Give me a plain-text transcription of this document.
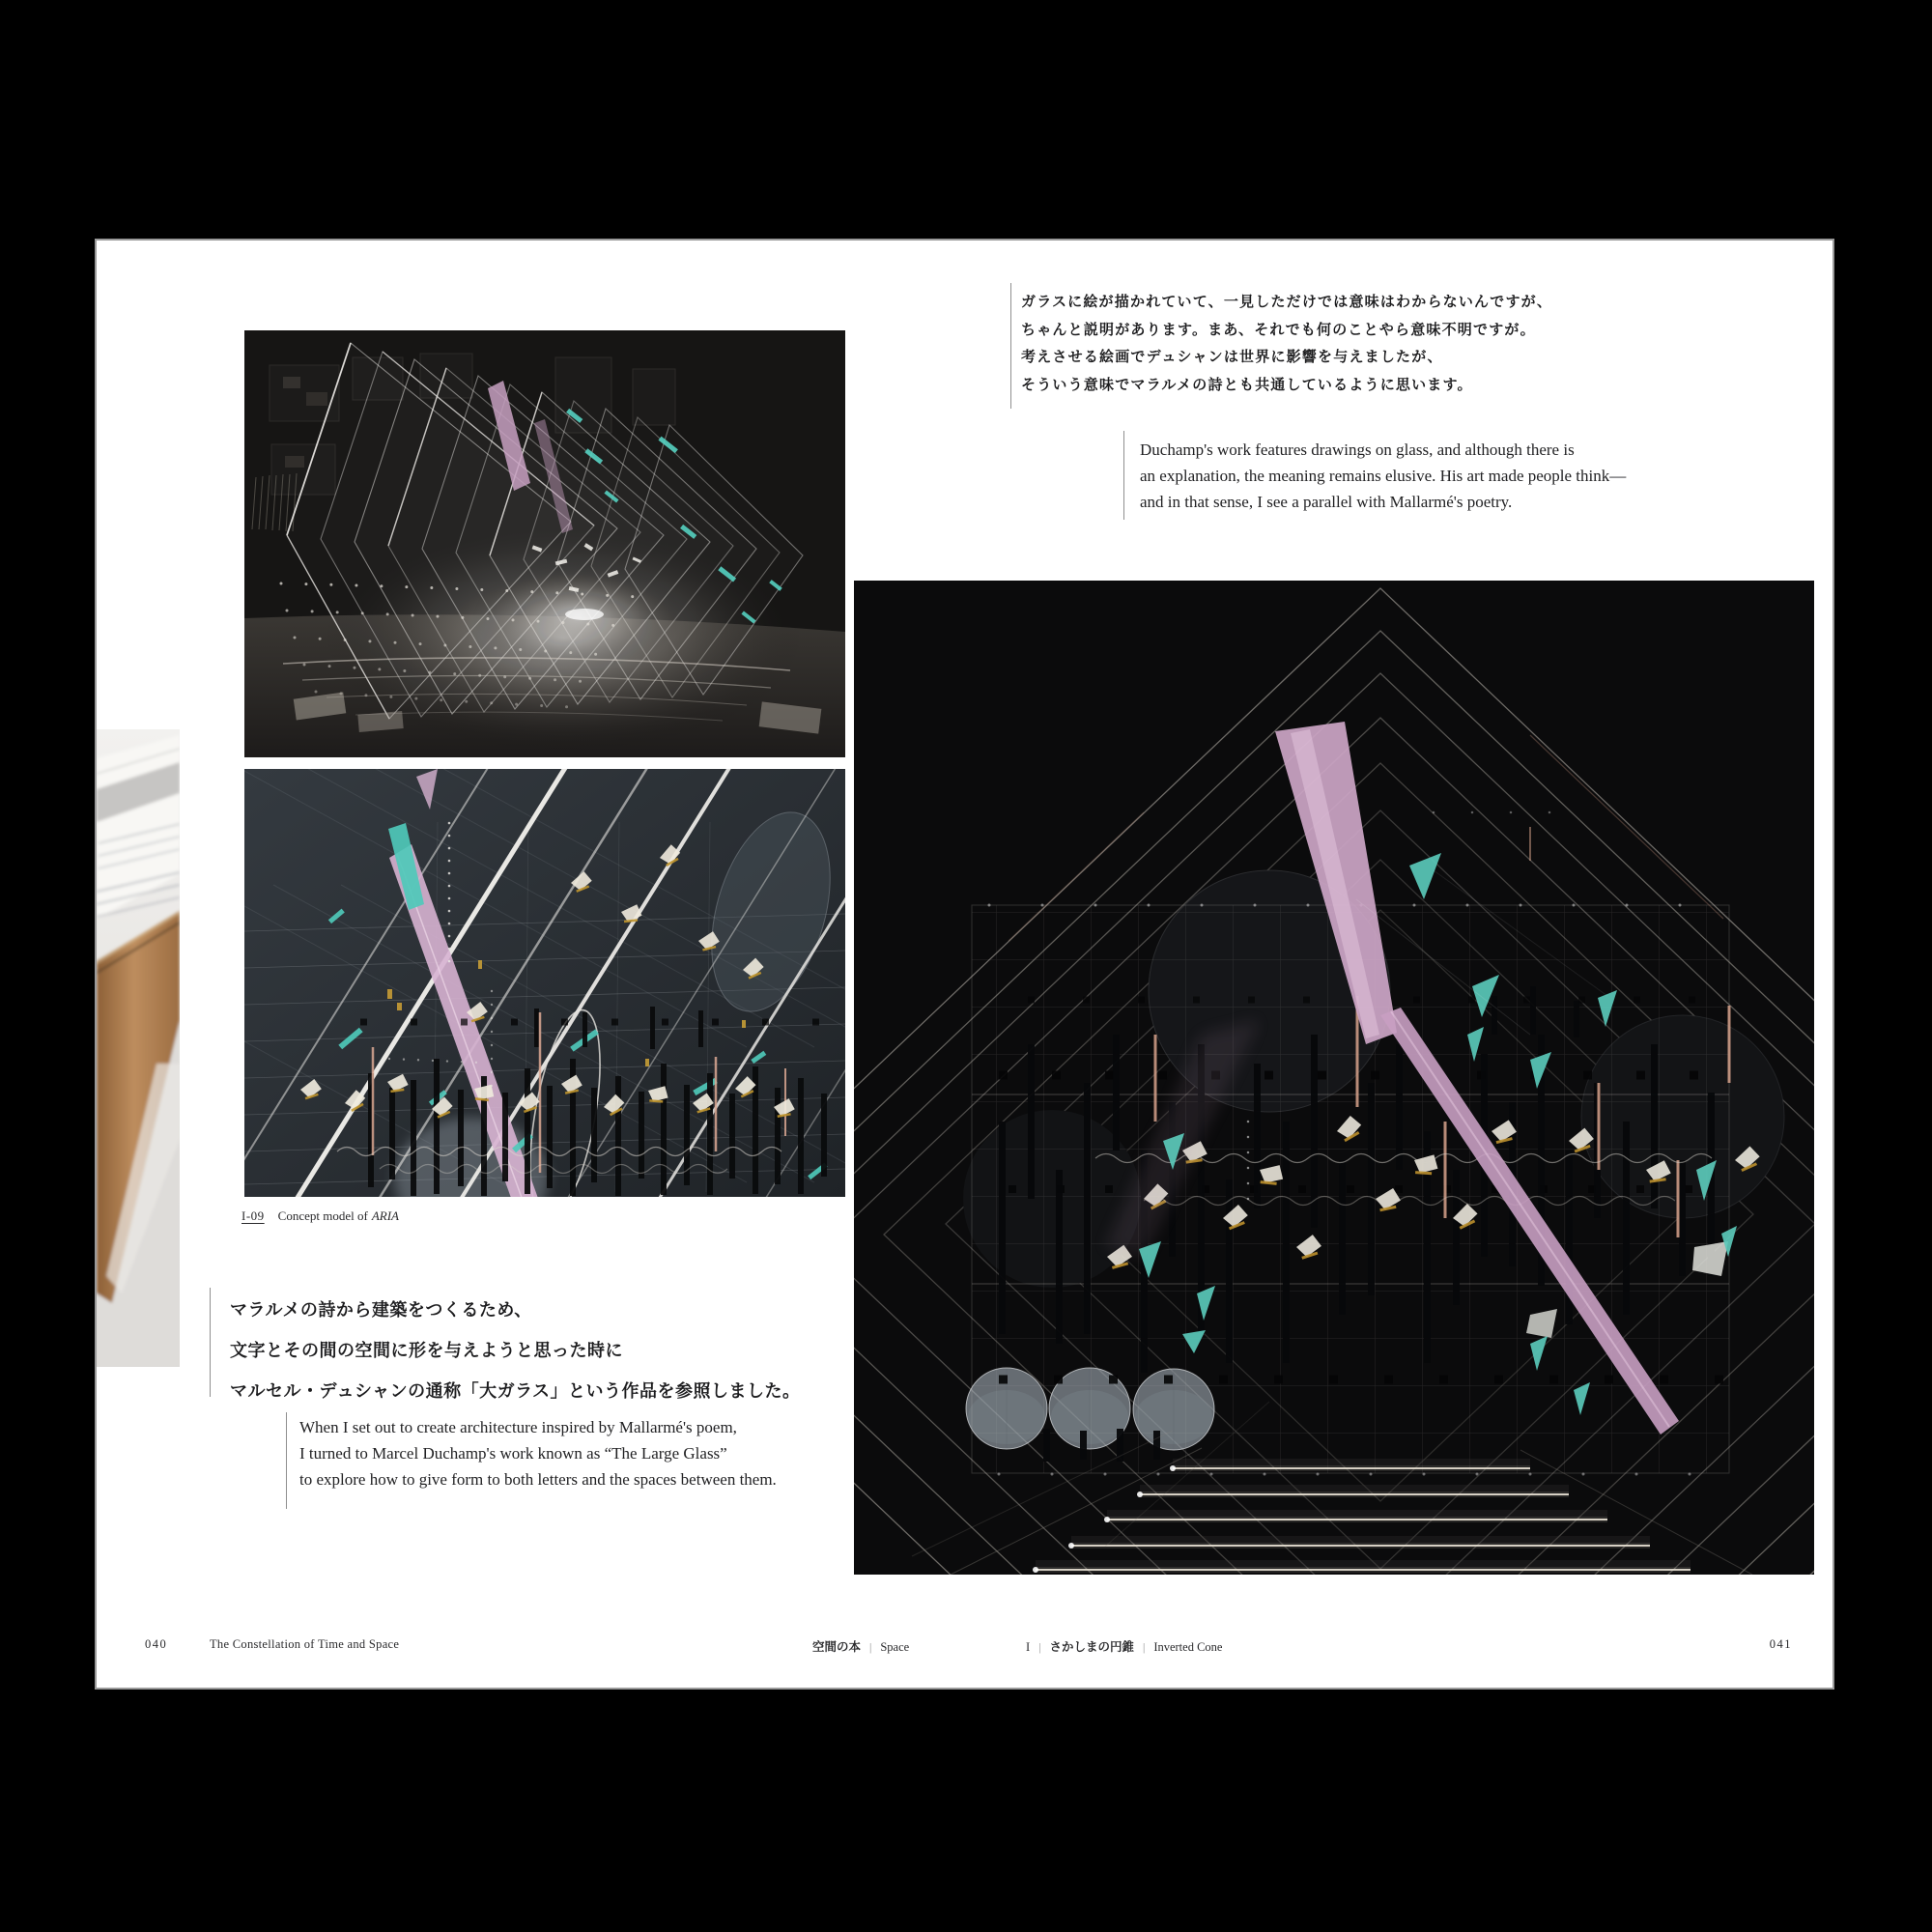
I-09 Concept model of ARIA
マラルメの詩から建築をつくるため、
文字とその間の空間に形を与えようと思った時に
マルセル・デュシャンの通称「大ガラス」という作品を参照しました。
When I set out to create architecture inspired by Mallarmé's poem,
I turned to Marcel Duchamp's work known as “The Large Glass”
to explore how to give form to both letters and the spaces between them.
ガラスに絵が描かれていて、一見しただけでは意味はわからないんですが、
ちゃんと説明があります。まあ、それでも何のことやら意味不明ですが。
考えさせる絵画でデュシャンは世界に影響を与えましたが、
そういう意味でマラルメの詩とも共通しているように思います。
Duchamp's work features drawings on glass, and although there is
an explanation, the meaning remains elusive. His art made people think—
and in that sense, I see a parallel with Mallarmé's poetry.
040	The Constellation of Time and Space	空間の本 | Space	I | さかしまの円錐 | Inverted Cone	041
